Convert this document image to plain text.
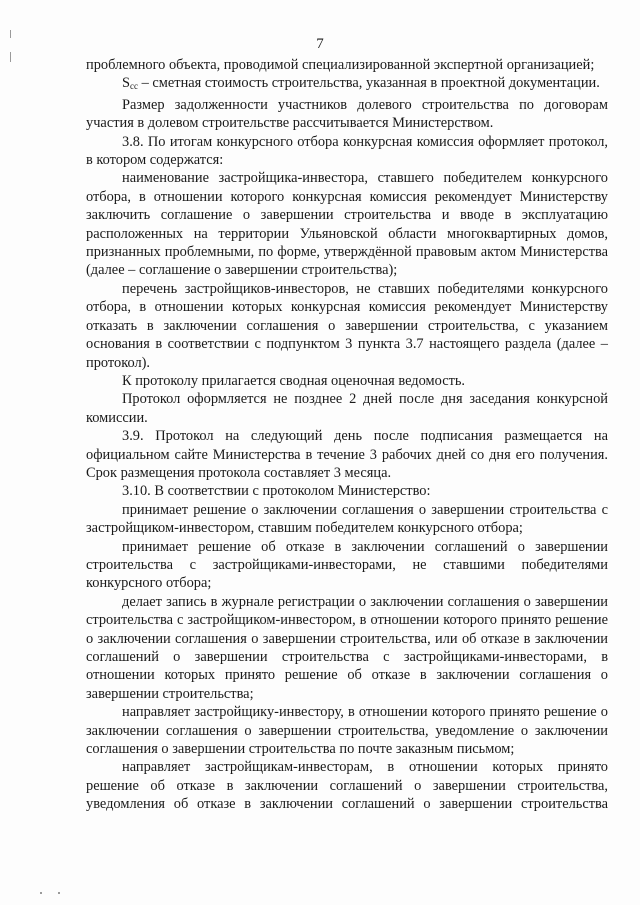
7

проблемного объекта, проводимой специализированной экспертной организацией;

$S_{сс}$ – сметная стоимость строительства, указанная в проектной документации.

Размер задолженности участников долевого строительства по договорам участия в долевом строительстве рассчитывается Министерством.

3.8. По итогам конкурсного отбора конкурсная комиссия оформляет протокол, в котором содержатся:

наименование застройщика-инвестора, ставшего победителем конкурсного отбора, в отношении которого конкурсная комиссия рекомендует Министерству заключить соглашение о завершении строительства и вводе в эксплуатацию расположенных на территории Ульяновской области многоквартирных домов, признанных проблемными, по форме, утверждённой правовым актом Министерства (далее – соглашение о завершении строительства);

перечень застройщиков-инвесторов, не ставших победителями конкурсного отбора, в отношении которых конкурсная комиссия рекомендует Министерству отказать в заключении соглашения о завершении строительства, с указанием основания в соответствии с подпунктом 3 пункта 3.7 настоящего раздела (далее – протокол).

К протоколу прилагается сводная оценочная ведомость.

Протокол оформляется не позднее 2 дней после дня заседания конкурсной комиссии.

3.9. Протокол на следующий день после подписания размещается на официальном сайте Министерства в течение 3 рабочих дней со дня его получения. Срок размещения протокола составляет 3 месяца.

3.10. В соответствии с протоколом Министерство:

принимает решение о заключении соглашения о завершении строительства с застройщиком-инвестором, ставшим победителем конкурсного отбора;

принимает решение об отказе в заключении соглашений о завершении строительства с застройщиками-инвесторами, не ставшими победителями конкурсного отбора;

делает запись в журнале регистрации о заключении соглашения о завершении строительства с застройщиком-инвестором, в отношении которого принято решение о заключении соглашения о завершении строительства, или об отказе в заключении соглашений о завершении строительства с застройщиками-инвесторами, в отношении которых принято решение об отказе в заключении соглашения о завершении строительства;

направляет застройщику-инвестору, в отношении которого принято решение о заключении соглашения о завершении строительства, уведомление о заключении соглашения о завершении строительства по почте заказным письмом;

направляет застройщикам-инвесторам, в отношении которых принято решение об отказе в заключении соглашений о завершении строительства, уведомления об отказе в заключении соглашений о завершении строительства
